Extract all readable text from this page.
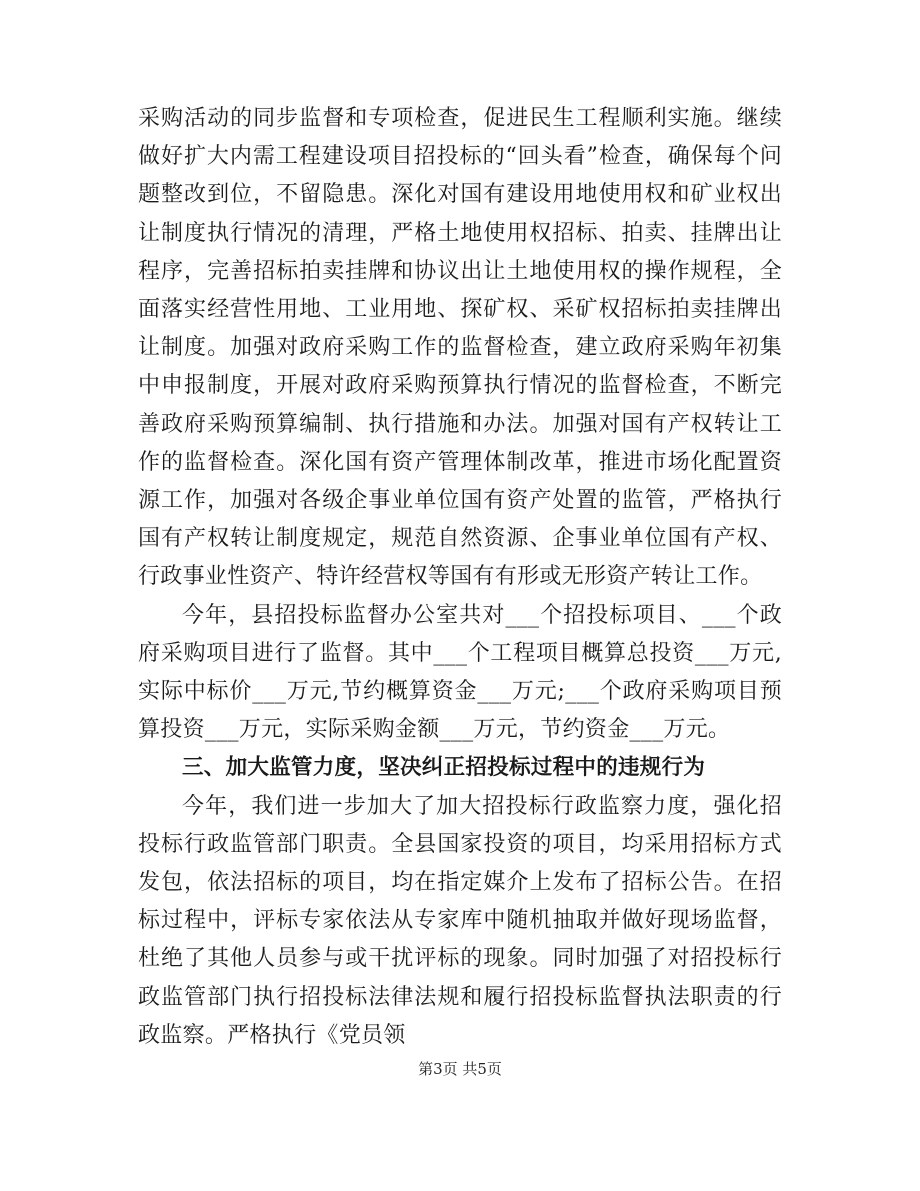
采购活动的同步监督和专项检查，促进民生工程顺利实施。继续做好扩大内需工程建设项目招投标的“回头看”检查，确保每个问题整改到位，不留隐患。深化对国有建设用地使用权和矿业权出让制度执行情况的清理，严格土地使用权招标、拍卖、挂牌出让程序，完善招标拍卖挂牌和协议出让土地使用权的操作规程，全面落实经营性用地、工业用地、探矿权、采矿权招标拍卖挂牌出让制度。加强对政府采购工作的监督检查，建立政府采购年初集中申报制度，开展对政府采购预算执行情况的监督检查，不断完善政府采购预算编制、执行措施和办法。加强对国有产权转让工作的监督检查。深化国有资产管理体制改革，推进市场化配置资源工作，加强对各级企事业单位国有资产处置的监管，严格执行国有产权转让制度规定，规范自然资源、企事业单位国有产权、行政事业性资产、特许经营权等国有有形或无形资产转让工作。

今年，县招投标监督办公室共对___个招投标项目、___个政府采购项目进行了监督。其中___个工程项目概算总投资___万元,实际中标价___万元,节约概算资金___万元;___个政府采购项目预算投资___万元，实际采购金额___万元，节约资金___万元。

三、加大监管力度，坚决纠正招投标过程中的违规行为

今年，我们进一步加大了加大招投标行政监察力度，强化招投标行政监管部门职责。全县国家投资的项目，均采用招标方式发包，依法招标的项目，均在指定媒介上发布了招标公告。在招标过程中，评标专家依法从专家库中随机抽取并做好现场监督，杜绝了其他人员参与或干扰评标的现象。同时加强了对招投标行政监管部门执行招投标法律法规和履行招投标监督执法职责的行政监察。严格执行《党员领

第3页 共5页
